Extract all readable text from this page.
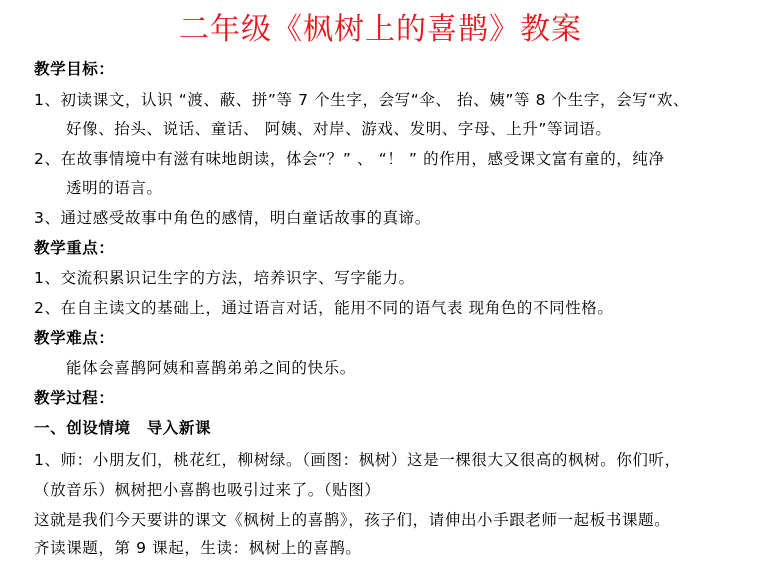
二年级《枫树上的喜鹊》教案
教学目标：
1、初读课文，认识 “渡、蔽、拼”等 7 个生字，会写“伞、 抬、姨”等 8 个生字，会写“欢、
好像、抬头、说话、童话、 阿姨、对岸、游戏、发明、字母、上升”等词语。
2、在故事情境中有滋有味地朗读，体会“？” 、 “！ ” 的作用，感受课文富有童的，纯净
透明的语言。
3、通过感受故事中角色的感情，明白童话故事的真谛。
教学重点：
1、交流积累识记生字的方法，培养识字、写字能力。
2、在自主读文的基础上，通过语言对话，能用不同的语气表 现角色的不同性格。
教学难点：
能体会喜鹊阿姨和喜鹊弟弟之间的快乐。
教学过程：
一、创设情境　导入新课
1、师：小朋友们，桃花红，柳树绿。（画图：枫树）这是一棵很大又很高的枫树。你们听，
（放音乐）枫树把小喜鹊也吸引过来了。（贴图）
这就是我们今天要讲的课文《枫树上的喜鹊》，孩子们，请伸出小手跟老师一起板书课题。
齐读课题，第 9 课起，生读：枫树上的喜鹊。
